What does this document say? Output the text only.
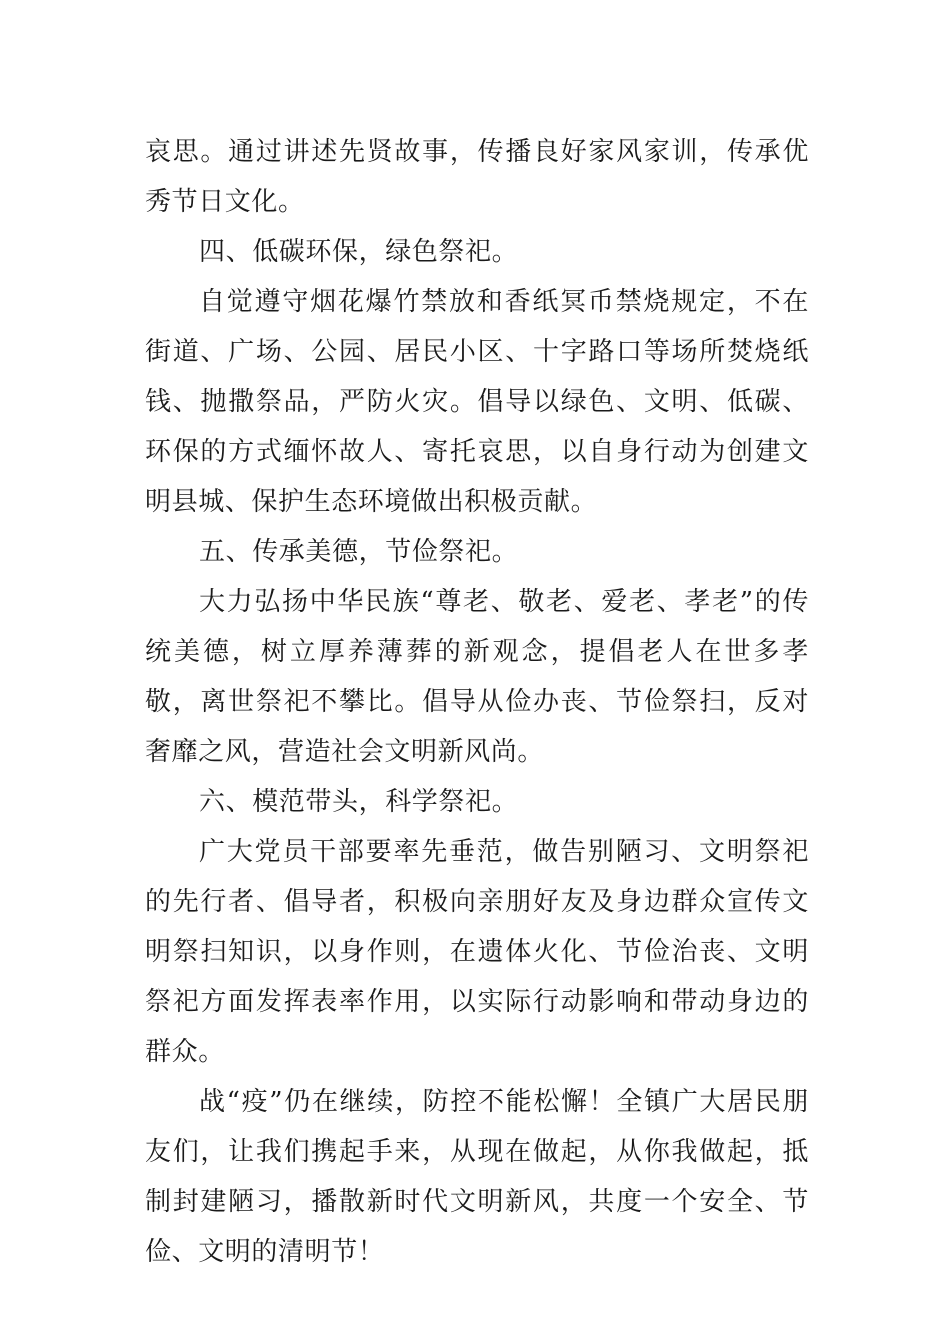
哀思。通过讲述先贤故事，传播良好家风家训，传承优秀节日文化。

四、低碳环保，绿色祭祀。

自觉遵守烟花爆竹禁放和香纸冥币禁烧规定，不在街道、广场、公园、居民小区、十字路口等场所焚烧纸钱、抛撒祭品，严防火灾。倡导以绿色、文明、低碳、环保的方式缅怀故人、寄托哀思，以自身行动为创建文明县城、保护生态环境做出积极贡献。

五、传承美德，节俭祭祀。

大力弘扬中华民族“尊老、敬老、爱老、孝老”的传统美德，树立厚养薄葬的新观念，提倡老人在世多孝敬，离世祭祀不攀比。倡导从俭办丧、节俭祭扫，反对奢靡之风，营造社会文明新风尚。

六、模范带头，科学祭祀。

广大党员干部要率先垂范，做告别陋习、文明祭祀的先行者、倡导者，积极向亲朋好友及身边群众宣传文明祭扫知识，以身作则，在遗体火化、节俭治丧、文明祭祀方面发挥表率作用，以实际行动影响和带动身边的群众。

战“疫”仍在继续，防控不能松懈！全镇广大居民朋友们，让我们携起手来，从现在做起，从你我做起，抵制封建陋习，播散新时代文明新风，共度一个安全、节俭、文明的清明节！
